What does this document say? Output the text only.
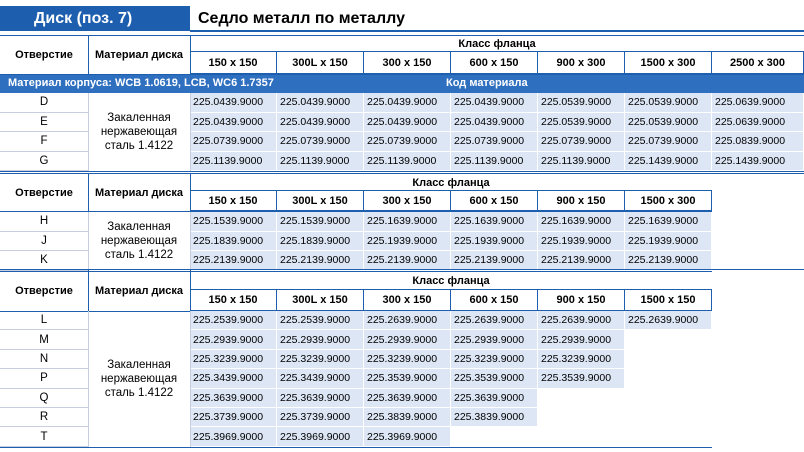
Диск (поз. 7)	Седло металл по металлу
Отверстие	Материал диска
Класс фланца
150 x 150	300L x 150	300 x 150	600 x 150	900 x 300	1500 x 300	2500 x 300
Материал корпуса: WCB 1.0619, LCB, WC6 1.7357	Код материала
D	225.0439.9000	225.0439.9000	225.0439.9000	225.0439.9000	225.0539.9000	225.0539.9000	225.0639.9000
E	225.0439.9000	225.0439.9000	225.0439.9000	225.0439.9000	225.0539.9000	225.0539.9000	225.0639.9000
F	225.0739.9000	225.0739.9000	225.0739.9000	225.0739.9000	225.0739.9000	225.0739.9000	225.0839.9000
G	225.1139.9000	225.1139.9000	225.1139.9000	225.1139.9000	225.1139.9000	225.1439.9000	225.1439.9000
Закаленная нержавеющая сталь 1.4122
Отверстие	Материал диска
Класс фланца
150 x 150	300L x 150	300 x 150	600 x 150	900 x 150	1500 x 300
H	225.1539.9000	225.1539.9000	225.1639.9000	225.1639.9000	225.1639.9000	225.1639.9000
J	225.1839.9000	225.1839.9000	225.1939.9000	225.1939.9000	225.1939.9000	225.1939.9000
K	225.2139.9000	225.2139.9000	225.2139.9000	225.2139.9000	225.2139.9000	225.2139.9000
Закаленная нержавеющая сталь 1.4122
Отверстие	Материал диска
Класс фланца
150 x 150	300L x 150	300 x 150	600 x 150	900 x 150	1500 x 150
L	225.2539.9000	225.2539.9000	225.2639.9000	225.2639.9000	225.2639.9000	225.2639.9000
M	225.2939.9000	225.2939.9000	225.2939.9000	225.2939.9000	225.2939.9000
N	225.3239.9000	225.3239.9000	225.3239.9000	225.3239.9000	225.3239.9000
P	225.3439.9000	225.3439.9000	225.3539.9000	225.3539.9000	225.3539.9000
Q	225.3639.9000	225.3639.9000	225.3639.9000	225.3639.9000
R	225.3739.9000	225.3739.9000	225.3839.9000	225.3839.9000
T	225.3969.9000	225.3969.9000	225.3969.9000
Закаленная нержавеющая сталь 1.4122
